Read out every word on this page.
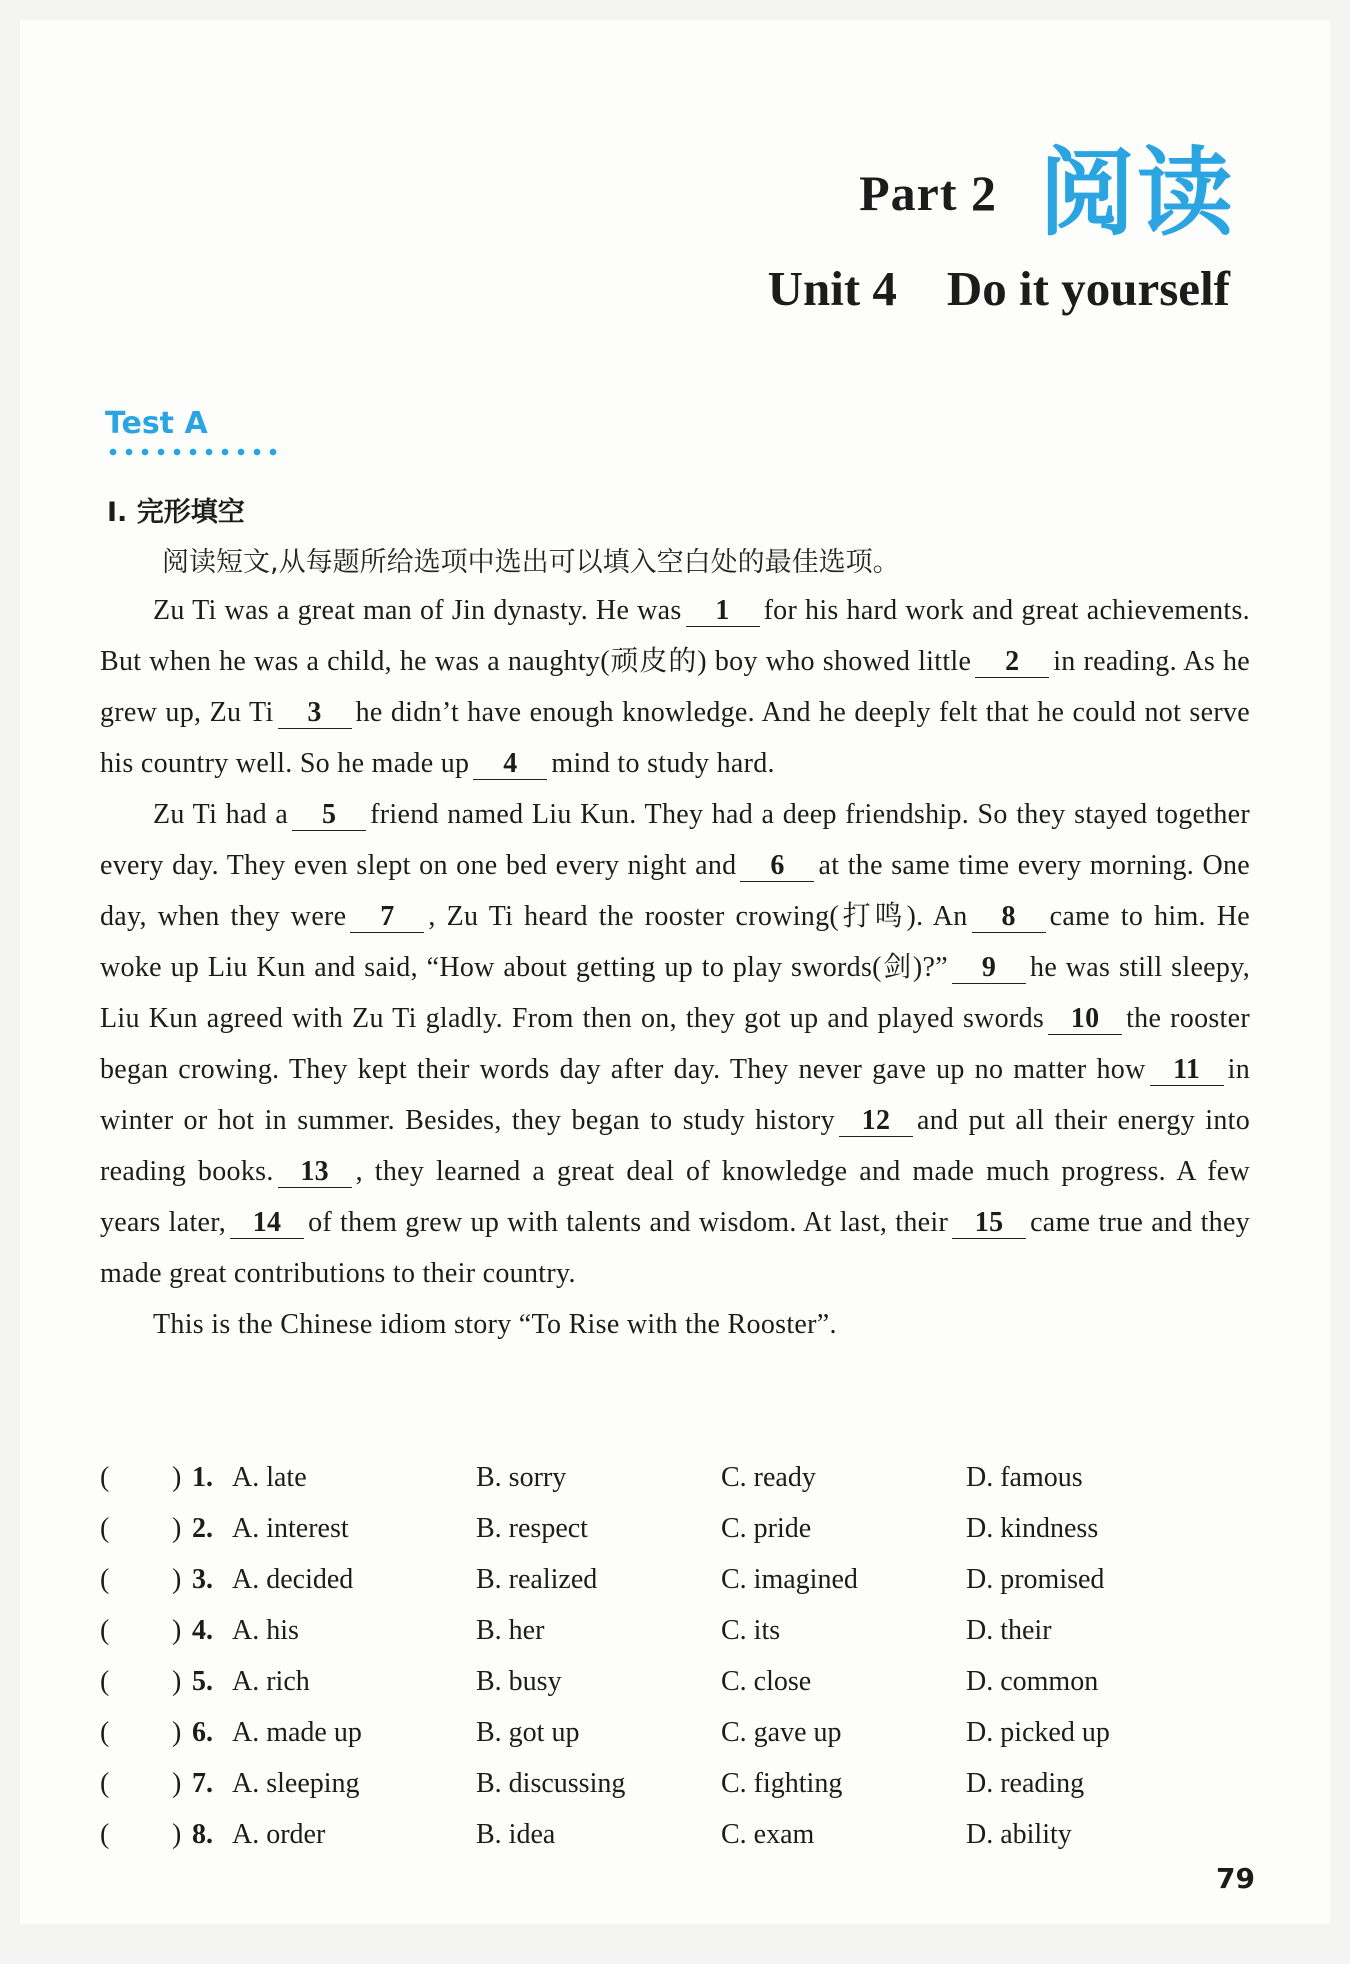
Part 2 阅读
Unit 4 Do it yourself
Test A
Ⅰ. 完形填空
阅读短文,从每题所给选项中选出可以填入空白处的最佳选项。

Zu Ti was a great man of Jin dynasty. He was 1 for his hard work and great achievements. But when he was a child, he was a naughty(顽皮的) boy who showed little 2 in reading. As he grew up, Zu Ti 3 he didn’t have enough knowledge. And he deeply felt that he could not serve his country well. So he made up 4 mind to study hard.

Zu Ti had a 5 friend named Liu Kun. They had a deep friendship. So they stayed together every day. They even slept on one bed every night and 6 at the same time every morning. One day, when they were 7 , Zu Ti heard the rooster crowing(打鸣). An 8 came to him. He woke up Liu Kun and said, “How about getting up to play swords(剑)?” 9 he was still sleepy, Liu Kun agreed with Zu Ti gladly. From then on, they got up and played swords 10 the rooster began crowing. They kept their words day after day. They never gave up no matter how 11 in winter or hot in summer. Besides, they began to study history 12 and put all their energy into reading books. 13 , they learned a great deal of knowledge and made much progress. A few years later, 14 of them grew up with talents and wisdom. At last, their 15 came true and they made great contributions to their country.

This is the Chinese idiom story “To Rise with the Rooster”.

(	) 1. A. late	B. sorry	C. ready	D. famous
(	) 2. A. interest	B. respect	C. pride	D. kindness
(	) 3. A. decided	B. realized	C. imagined	D. promised
(	) 4. A. his	B. her	C. its	D. their
(	) 5. A. rich	B. busy	C. close	D. common
(	) 6. A. made up	B. got up	C. gave up	D. picked up
(	) 7. A. sleeping	B. discussing	C. fighting	D. reading
(	) 8. A. order	B. idea	C. exam	D. ability
79
